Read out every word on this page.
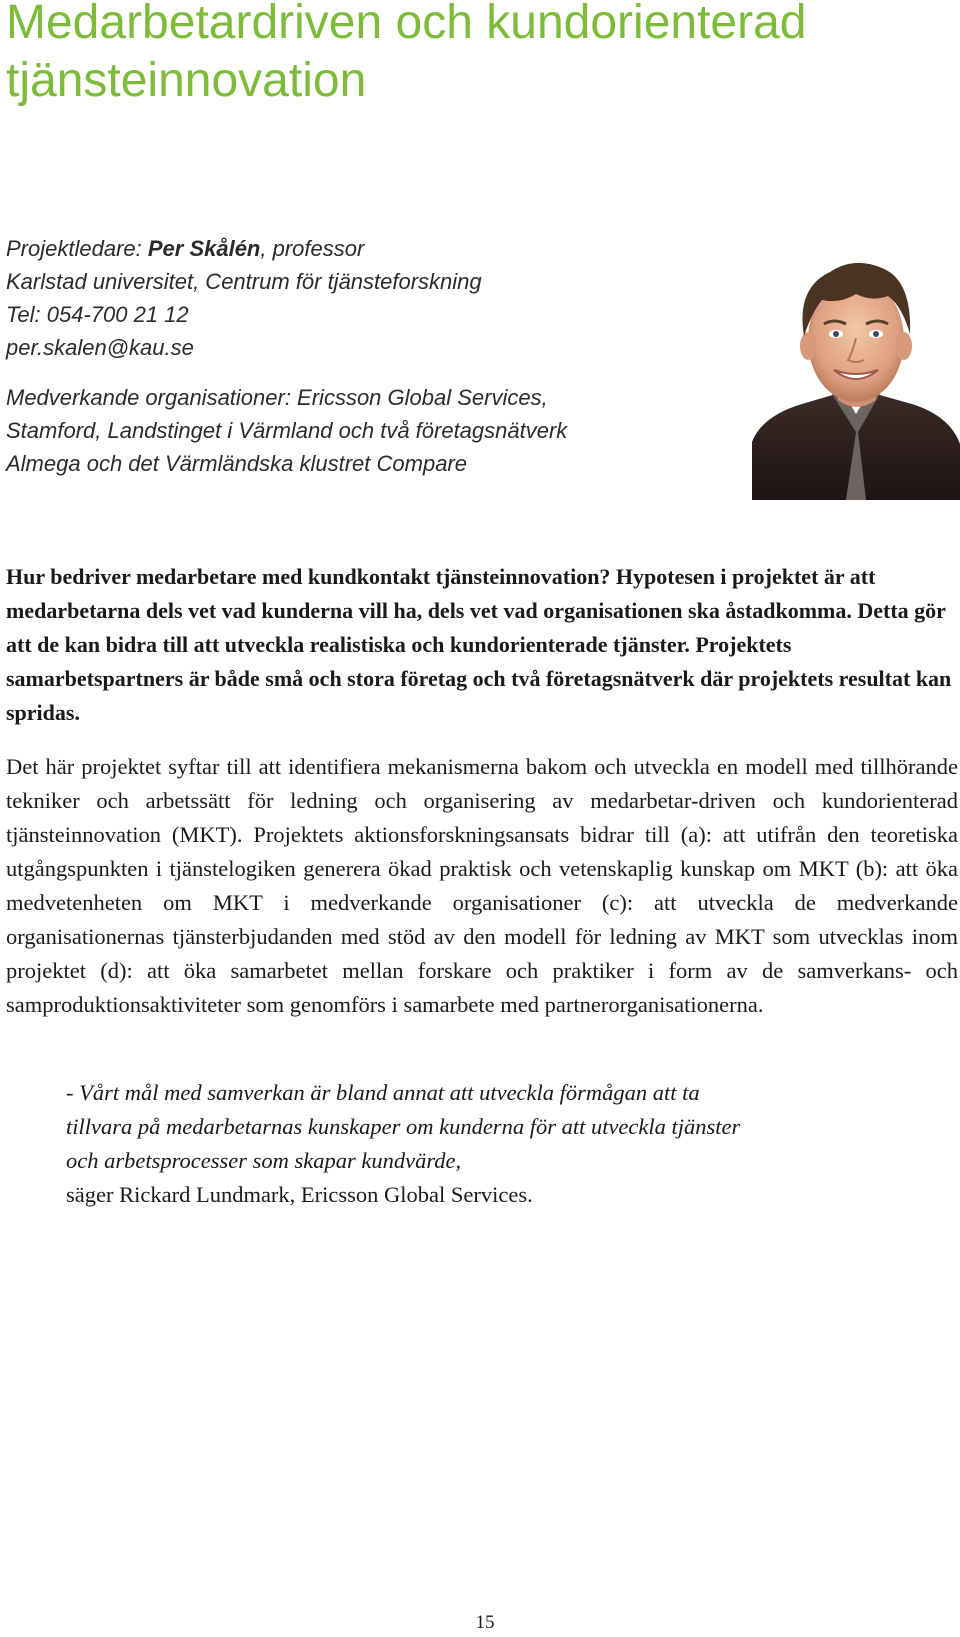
Medarbetardriven och kundorienterad
tjänsteinnovation
Projektledare: Per Skålén, professor
Karlstad universitet, Centrum för tjänsteforskning
Tel: 054-700 21 12
per.skalen@kau.se
Medverkande organisationer: Ericsson Global Services,
Stamford, Landstinget i Värmland och två företagsnätverk
Almega och det Värmländska klustret Compare

Hur bedriver medarbetare med kundkontakt tjänsteinnovation? Hypotesen i projektet är att medarbetarna dels vet vad kunderna vill ha, dels vet vad organisationen ska åstadkomma. Detta gör att de kan bidra till att utveckla realistiska och kundorienterade tjänster. Projektets samarbetspartners är både små och stora företag och två företagsnätverk där projektets resultat kan spridas.

Det här projektet syftar till att identifiera mekanismerna bakom och utveckla en modell med tillhörande tekniker och arbetssätt för ledning och organisering av medarbetar-driven och kundorienterad tjänsteinnovation (MKT). Projektets aktionsforskningsansats bidrar till (a): att utifrån den teoretiska utgångspunkten i tjänstelogiken generera ökad praktisk och vetenskaplig kunskap om MKT (b): att öka medvetenheten om MKT i medverkande organisationer (c): att utveckla de medverkande organisationernas tjänsterbjudanden med stöd av den modell för ledning av MKT som utvecklas inom projektet (d): att öka samarbetet mellan forskare och praktiker i form av de samverkans- och samproduktionsaktiviteter som genomförs i samarbete med partnerorganisationerna.

- Vårt mål med samverkan är bland annat att utveckla förmågan att ta
tillvara på medarbetarnas kunskaper om kunderna för att utveckla tjänster
och arbetsprocesser som skapar kundvärde,
säger Rickard Lundmark, Ericsson Global Services.

15
